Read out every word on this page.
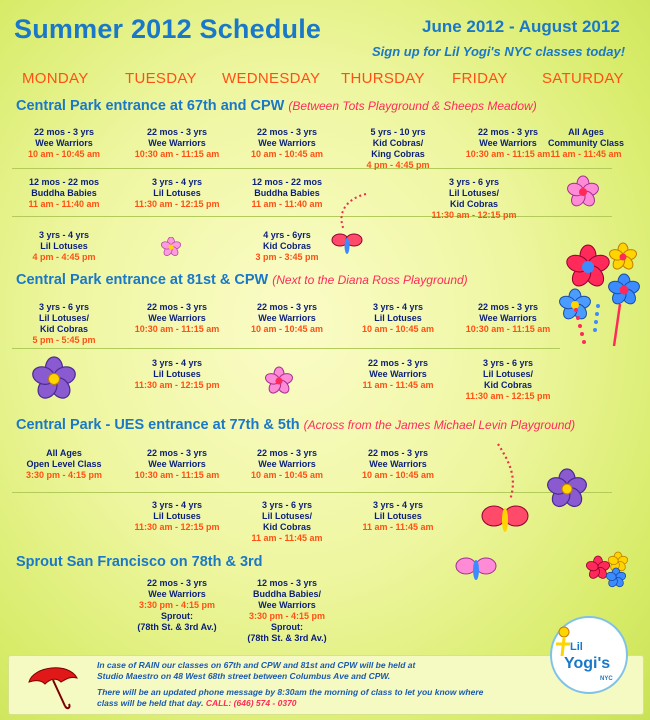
Summer 2012 Schedule	June 2012 - August 2012
Sign up for Lil Yogi's NYC classes today!
MONDAY TUESDAY WEDNESDAY THURSDAY FRIDAY SATURDAY
Central Park entrance at 67th and CPW (Between Tots Playground & Sheeps Meadow)
Central Park entrance at 81st & CPW (Next to the Diana Ross Playground)
Central Park - UES entrance at 77th & 5th (Across from the James Michael Levin Playground)
Sprout San Francisco on 78th & 3rd
22 mos - 3 yrs
Wee Warriors
10 am - 10:45 am
22 mos - 3 yrs
Wee Warriors
10:30 am - 11:15 am
22 mos - 3 yrs
Wee Warriors
10 am - 10:45 am
5 yrs - 10 yrs
Kid Cobras/
King Cobras
4 pm - 4:45 pm
22 mos - 3 yrs
Wee Warriors
10:30 am - 11:15 am
All Ages
Community Class
11 am - 11:45 am
12 mos - 22 mos
Buddha Babies
11 am - 11:40 am
3 yrs - 4 yrs
Lil Lotuses
11:30 am - 12:15 pm
12 mos - 22 mos
Buddha Babies
11 am - 11:40 am
3 yrs - 6 yrs
Lil Lotuses/
Kid Cobras
11:30 am - 12:15 pm
3 yrs - 4 yrs
Lil Lotuses
4 pm - 4:45 pm
4 yrs - 6yrs
Kid Cobras
3 pm - 3:45 pm
3 yrs - 6 yrs
Lil Lotuses/
Kid Cobras
5 pm - 5:45 pm
22 mos - 3 yrs
Wee Warriors
10:30 am - 11:15 am
22 mos - 3 yrs
Wee Warriors
10 am - 10:45 am
3 yrs - 4 yrs
Lil Lotuses
10 am - 10:45 am
22 mos - 3 yrs
Wee Warriors
10:30 am - 11:15 am
3 yrs - 4 yrs
Lil Lotuses
11:30 am - 12:15 pm
22 mos - 3 yrs
Wee Warriors
11 am - 11:45 am
3 yrs - 6 yrs
Lil Lotuses/
Kid Cobras
11:30 am - 12:15 pm
All Ages
Open Level Class
3:30 pm - 4:15 pm
22 mos - 3 yrs
Wee Warriors
10:30 am - 11:15 am
22 mos - 3 yrs
Wee Warriors
10 am - 10:45 am
22 mos - 3 yrs
Wee Warriors
10 am - 10:45 am
3 yrs - 4 yrs
Lil Lotuses
11:30 am - 12:15 pm
3 yrs - 6 yrs
Lil Lotuses/
Kid Cobras
11 am - 11:45 am
3 yrs - 4 yrs
Lil Lotuses
11 am - 11:45 am
22 mos - 3 yrs
Wee Warriors
3:30 pm - 4:15 pm
Sprout:
(78th St. & 3rd Av.)
12 mos - 3 yrs
Buddha Babies/
Wee Warriors
3:30 pm - 4:15 pm
Sprout:
(78th St. & 3rd Av.)
In case of RAIN our classes on 67th and CPW and 81st and CPW will be held at
Studio Maestro on 48 West 68th street between Columbus Ave and CPW.
There will be an updated phone message by 8:30am the morning of class to let you know where
class will be held that day. CALL: (646) 574 - 0370
Lil
Yogi's
NYC
